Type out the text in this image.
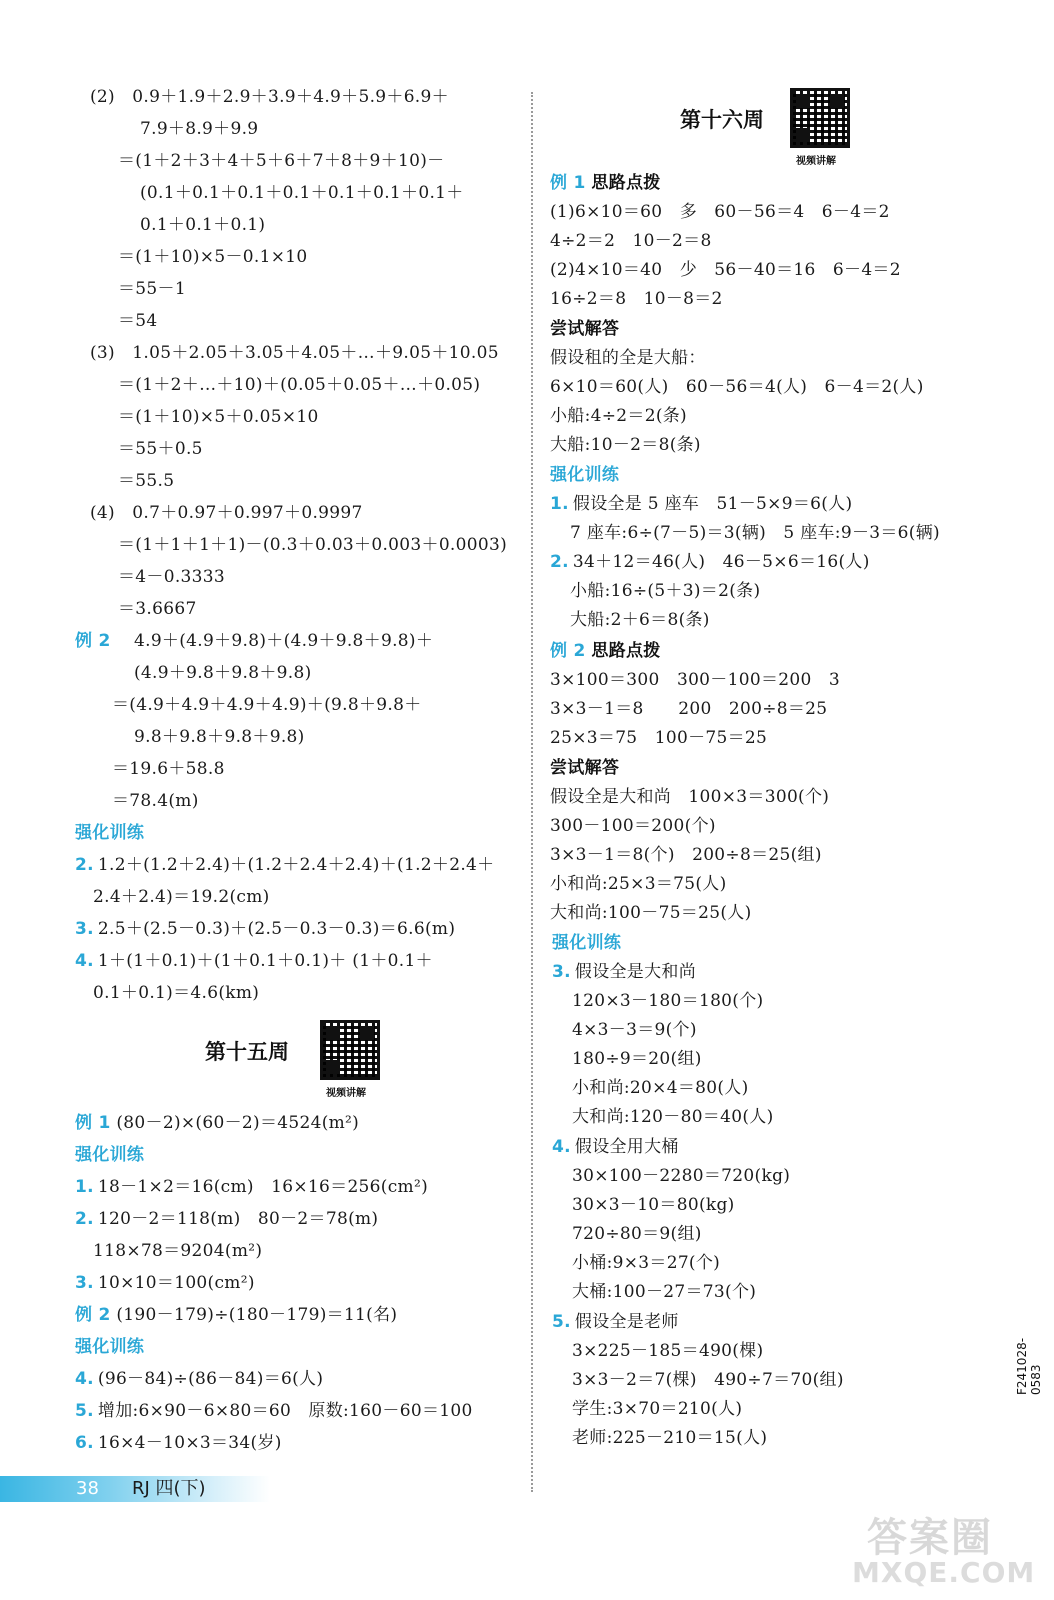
(2)　0.9＋1.9＋2.9＋3.9＋4.9＋5.9＋6.9＋
7.9＋8.9＋9.9
＝(1＋2＋3＋4＋5＋6＋7＋8＋9＋10)－
(0.1＋0.1＋0.1＋0.1＋0.1＋0.1＋0.1＋
0.1＋0.1＋0.1)
＝(1＋10)×5－0.1×10
＝55－1
＝54
(3)　1.05＋2.05＋3.05＋4.05＋…＋9.05＋10.05
＝(1＋2＋…＋10)＋(0.05＋0.05＋…＋0.05)
＝(1＋10)×5＋0.05×10
＝55＋0.5
＝55.5
(4)　0.7＋0.97＋0.997＋0.9997
＝(1＋1＋1＋1)－(0.3＋0.03＋0.003＋0.0003)
＝4－0.3333
＝3.6667
例 2 4.9＋(4.9＋9.8)＋(4.9＋9.8＋9.8)＋
(4.9＋9.8＋9.8＋9.8)
＝(4.9＋4.9＋4.9＋4.9)＋(9.8＋9.8＋
9.8＋9.8＋9.8＋9.8)
＝19.6＋58.8
＝78.4(m)
强化训练
2. 1.2＋(1.2＋2.4)＋(1.2＋2.4＋2.4)＋(1.2＋2.4＋
2.4＋2.4)＝19.2(cm)
3. 2.5＋(2.5－0.3)＋(2.5－0.3－0.3)＝6.6(m)
4. 1＋(1＋0.1)＋(1＋0.1＋0.1)＋ (1＋0.1＋
0.1＋0.1)＝4.6(km)
第十五周
视频讲解
例 1 (80－2)×(60－2)＝4524(m²)
强化训练
1. 18－1×2＝16(cm)　16×16＝256(cm²)
2. 120－2＝118(m)　80－2＝78(m)
118×78＝9204(m²)
3. 10×10＝100(cm²)
例 2 (190－179)÷(180－179)＝11(名)
强化训练
4. (96－84)÷(86－84)＝6(人)
5. 增加:6×90－6×80＝60　原数:160－60＝100
6. 16×4－10×3＝34(岁)
第十六周
视频讲解
例 1 思路点拨
(1)6×10＝60　多　60－56＝4　6－4＝2
4÷2＝2　10－2＝8
(2)4×10＝40　少　56－40＝16　6－4＝2
16÷2＝8　10－8＝2
尝试解答
假设租的全是大船：
6×10＝60(人)　60－56＝4(人)　6－4＝2(人)
小船:4÷2＝2(条)
大船:10－2＝8(条)
强化训练
1. 假设全是 5 座车　51－5×9＝6(人)
7 座车:6÷(7－5)＝3(辆)　5 座车:9－3＝6(辆)
2. 34＋12＝46(人)　46－5×6＝16(人)
小船:16÷(5＋3)＝2(条)
大船:2＋6＝8(条)
例 2 思路点拨
3×100＝300　300－100＝200　3
3×3－1＝8　　200　200÷8＝25
25×3＝75　100－75＝25
尝试解答
假设全是大和尚　100×3＝300(个)
300－100＝200(个)
3×3－1＝8(个)　200÷8＝25(组)
小和尚:25×3＝75(人)
大和尚:100－75＝25(人)
强化训练
3. 假设全是大和尚
120×3－180＝180(个)
4×3－3＝9(个)
180÷9＝20(组)
小和尚:20×4＝80(人)
大和尚:120－80＝40(人)
4. 假设全用大桶
30×100－2280＝720(kg)
30×3－10＝80(kg)
720÷80＝9(组)
小桶:9×3＝27(个)
大桶:100－27＝73(个)
5. 假设全是老师
3×225－185＝490(棵)
3×3－2＝7(棵)　490÷7＝70(组)
学生:3×70＝210(人)
老师:225－210＝15(人)
F241028-0583
38 RJ 四(下)
答案圈
MXQE.COM
